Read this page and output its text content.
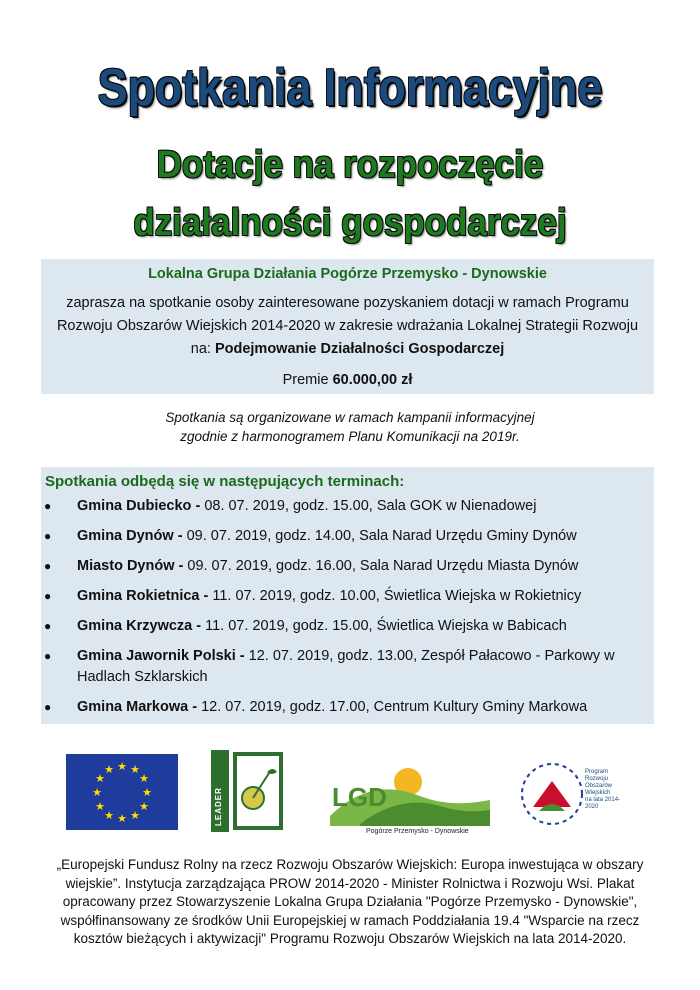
Spotkania Informacyjne
Dotacje na rozpoczęcie
działalności gospodarczej
Lokalna Grupa Działania Pogórze Przemysko - Dynowskie
zaprasza na spotkanie osoby zainteresowane pozyskaniem dotacji w ramach Programu Rozwoju Obszarów Wiejskich 2014-2020 w zakresie wdrażania Lokalnej Strategii Rozwoju na: Podejmowanie Działalności Gospodarczej
Premie 60.000,00 zł
Spotkania są organizowane w ramach kampanii informacyjnej
zgodnie z harmonogramem Planu Komunikacji na 2019r.
Spotkania odbędą się w następujących terminach:
● Gmina Dubiecko - 08. 07. 2019, godz. 15.00, Sala GOK w Nienadowej
● Gmina Dynów - 09. 07. 2019, godz. 14.00, Sala Narad Urzędu Gminy Dynów
● Miasto Dynów - 09. 07. 2019, godz. 16.00, Sala Narad Urzędu Miasta Dynów
● Gmina Rokietnica - 11. 07. 2019, godz. 10.00, Świetlica Wiejska w Rokietnicy
● Gmina Krzywcza - 11. 07. 2019, godz. 15.00, Świetlica Wiejska w Babicach
● Gmina Jawornik Polski - 12. 07. 2019, godz. 13.00, Zespół Pałacowo - Parkowy w Hadlach Szklarskich
● Gmina Markowa - 12. 07. 2019, godz. 17.00, Centrum Kultury Gminy Markowa
★ ★
★
★
★
★
★
★
★
★
★
★
LEADER	LGD
Pogórze Przemysko - Dynowskie
Program
Rozwoju
Obszarów
Wiejskich
na lata 2014-2020
„Europejski Fundusz Rolny na rzecz Rozwoju Obszarów Wiejskich: Europa inwestująca w obszary wiejskie”. Instytucja zarządzająca PROW 2014-2020 - Minister Rolnictwa i Rozwoju Wsi. Plakat opracowany przez Stowarzyszenie Lokalna Grupa Działania "Pogórze Przemysko - Dynowskie", współfinansowany ze środków Unii Europejskiej w ramach Poddziałania 19.4 "Wsparcie na rzecz kosztów bieżących i aktywizacji" Programu Rozwoju Obszarów Wiejskich na lata 2014-2020.
